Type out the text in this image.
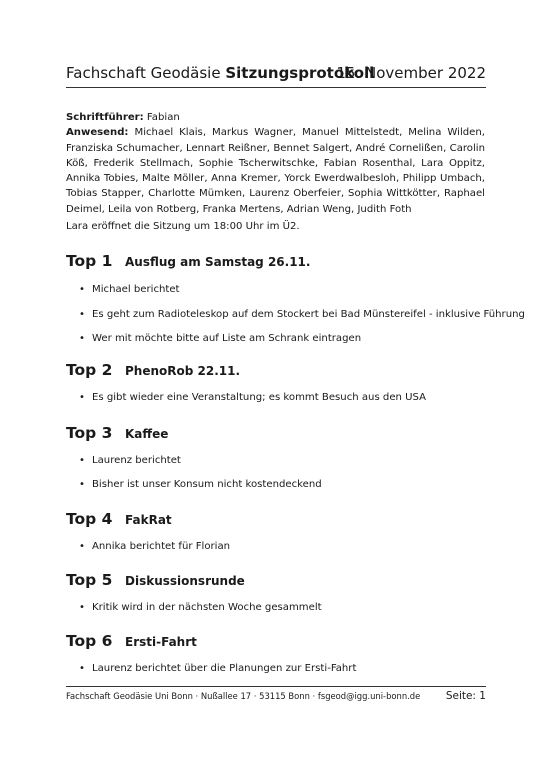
Fachschaft Geodäsie Sitzungsprotokoll
15. November 2022
Schriftführer: Fabian
Anwesend: Michael Klais, Markus Wagner, Manuel Mittelstedt, Melina Wilden, Franziska Schumacher, Lennart Reißner, Bennet Salgert, André Cornelißen, Carolin Köß, Frederik Stellmach, Sophie Tscherwitschke, Fabian Rosenthal, Lara Oppitz, Annika Tobies, Malte Möller, Anna Kremer, Yorck Ewerdwalbesloh, Philipp Umbach, Tobias Stapper, Charlotte Mümken, Laurenz Oberfeier, Sophia Wittkötter, Raphael Deimel, Leila von Rotberg, Franka Mertens, Adrian Weng, Judith Foth
Lara eröffnet die Sitzung um 18:00 Uhr im Ü2.
Top 1 Ausflug am Samstag 26.11.
• Michael berichtet
• Es geht zum Radioteleskop auf dem Stockert bei Bad Münstereifel - inklusive Führung
• Wer mit möchte bitte auf Liste am Schrank eintragen
Top 2 PhenoRob 22.11.
• Es gibt wieder eine Veranstaltung; es kommt Besuch aus den USA
Top 3 Kaffee
• Laurenz berichtet
• Bisher ist unser Konsum nicht kostendeckend
Top 4 FakRat
• Annika berichtet für Florian
Top 5 Diskussionsrunde
• Kritik wird in der nächsten Woche gesammelt
Top 6 Ersti-Fahrt
• Laurenz berichtet über die Planungen zur Ersti-Fahrt
Fachschaft Geodäsie Uni Bonn · Nußallee 17 · 53115 Bonn · fsgeod@igg.uni-bonn.de Seite: 1
